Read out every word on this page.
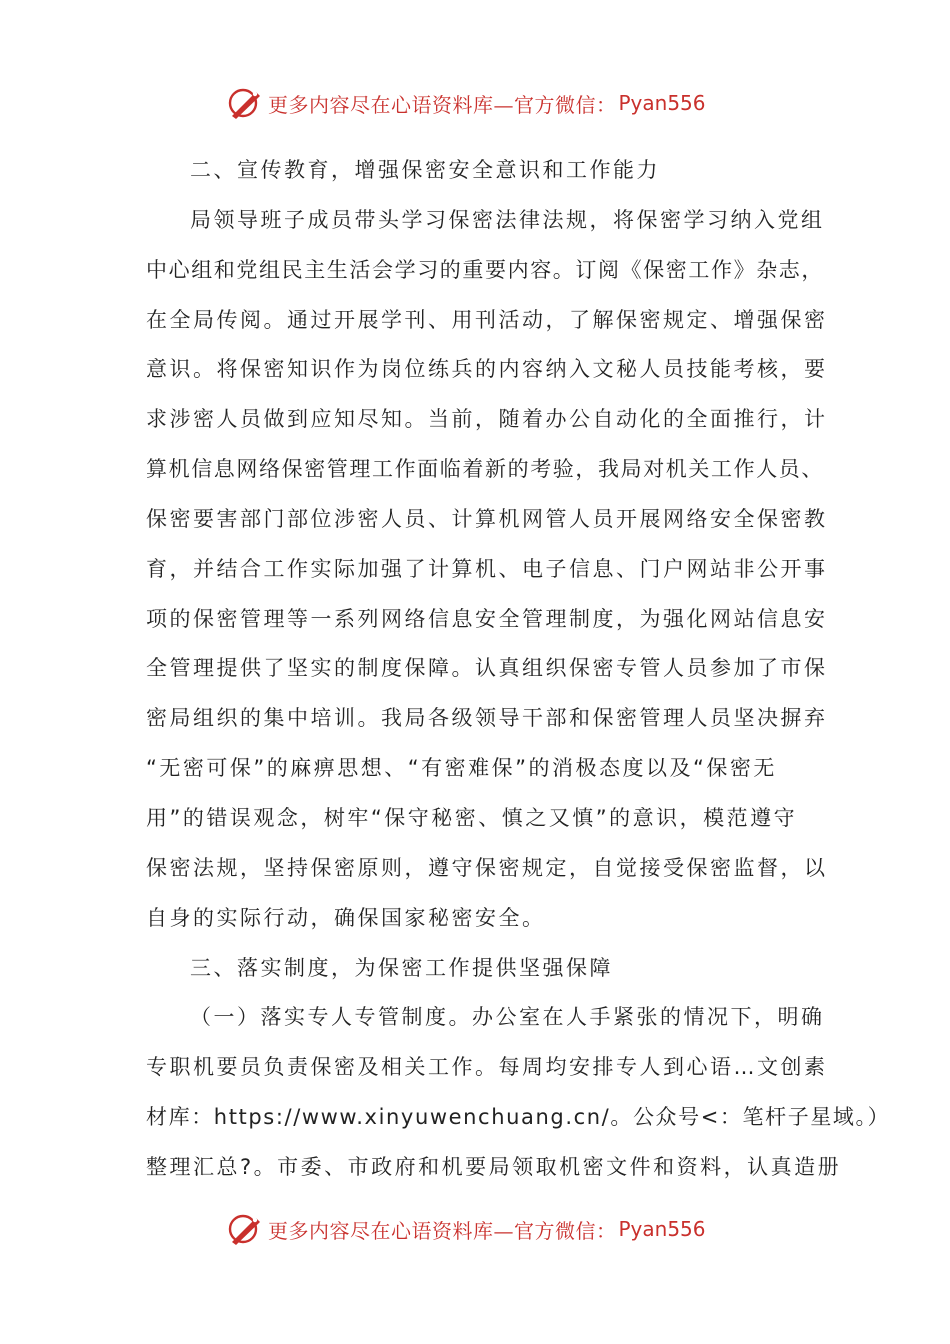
更多内容尽在心语资料库—官方微信： Pyan556
二、宣传教育，增强保密安全意识和工作能力
局领导班子成员带头学习保密法律法规，将保密学习纳入党组
中心组和党组民主生活会学习的重要内容。订阅《保密工作》杂志，
在全局传阅。通过开展学刊、用刊活动，了解保密规定、增强保密
意识。将保密知识作为岗位练兵的内容纳入文秘人员技能考核，要
求涉密人员做到应知尽知。当前，随着办公自动化的全面推行，计
算机信息网络保密管理工作面临着新的考验，我局对机关工作人员、
保密要害部门部位涉密人员、计算机网管人员开展网络安全保密教
育，并结合工作实际加强了计算机、电子信息、门户网站非公开事
项的保密管理等一系列网络信息安全管理制度，为强化网站信息安
全管理提供了坚实的制度保障。认真组织保密专管人员参加了市保
密局组织的集中培训。我局各级领导干部和保密管理人员坚决摒弃
“无密可保”的麻痹思想、“有密难保”的消极态度以及“保密无
用”的错误观念，树牢“保守秘密、慎之又慎”的意识，模范遵守
保密法规，坚持保密原则，遵守保密规定，自觉接受保密监督，以
自身的实际行动，确保国家秘密安全。
三、落实制度，为保密工作提供坚强保障
（一）落实专人专管制度。办公室在人手紧张的情况下，明确
专职机要员负责保密及相关工作。每周均安排专人到心语…文创素
材库：https://www.xinyuwenchuang.cn/。公众号<：笔杆子星域。）
整理汇总?。市委、市政府和机要局领取机密文件和资料，认真造册
更多内容尽在心语资料库—官方微信： Pyan556
